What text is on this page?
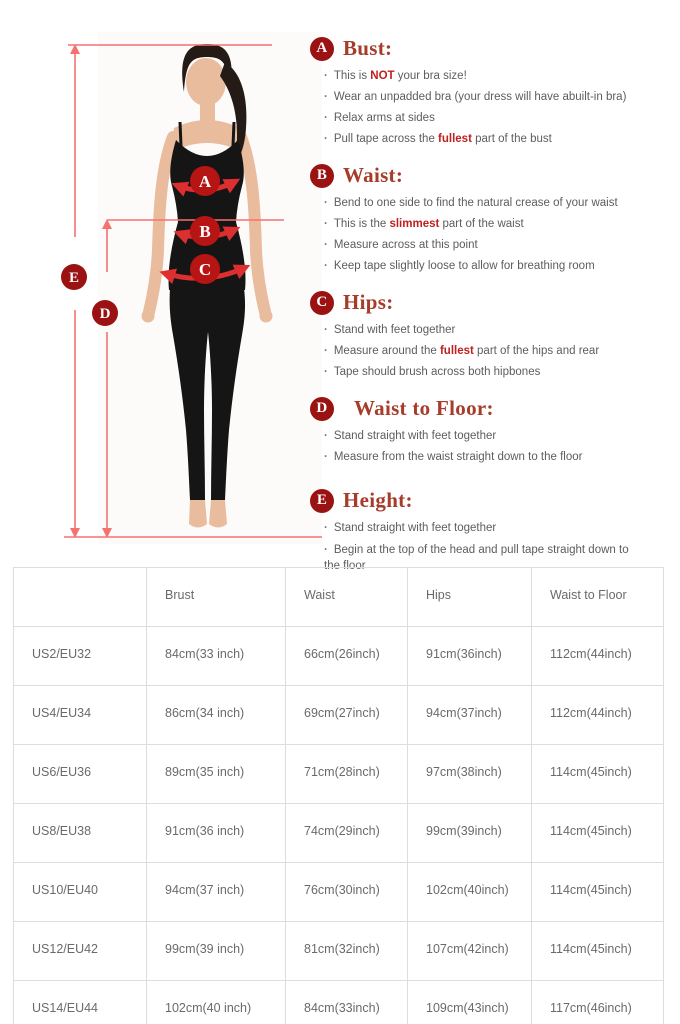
A
B
C
D
E
A Bust:
· This is NOT your bra size!
· Wear an unpadded bra (your dress will have abuilt-in bra)
· Relax arms at sides
· Pull tape across the fullest part of the bust
B Waist:
· Bend to one side to find the natural crease of your waist
· This is the slimmest part of the waist
· Measure across at this point
· Keep tape slightly loose to allow for breathing room
C Hips:
· Stand with feet together
· Measure around the fullest part of the hips and rear
· Tape should brush across both hipbones
D	Waist to Floor:
· Stand straight with feet together
· Measure from the waist straight down to the floor
E Height:
· Stand straight with feet together
· Begin at the top of the head and pull tape straight down to the floor
	Brust	Waist	Hips	Waist to Floor
US2/EU32	84cm(33 inch)	66cm(26inch)	91cm(36inch)	112cm(44inch)
US4/EU34	86cm(34 inch)	69cm(27inch)	94cm(37inch)	112cm(44inch)
US6/EU36	89cm(35 inch)	71cm(28inch)	97cm(38inch)	114cm(45inch)
US8/EU38	91cm(36 inch)	74cm(29inch)	99cm(39inch)	114cm(45inch)
US10/EU40	94cm(37 inch)	76cm(30inch)	102cm(40inch)	114cm(45inch)
US12/EU42	99cm(39 inch)	81cm(32inch)	107cm(42inch)	114cm(45inch)
US14/EU44	102cm(40 inch)	84cm(33inch)	109cm(43inch)	117cm(46inch)
